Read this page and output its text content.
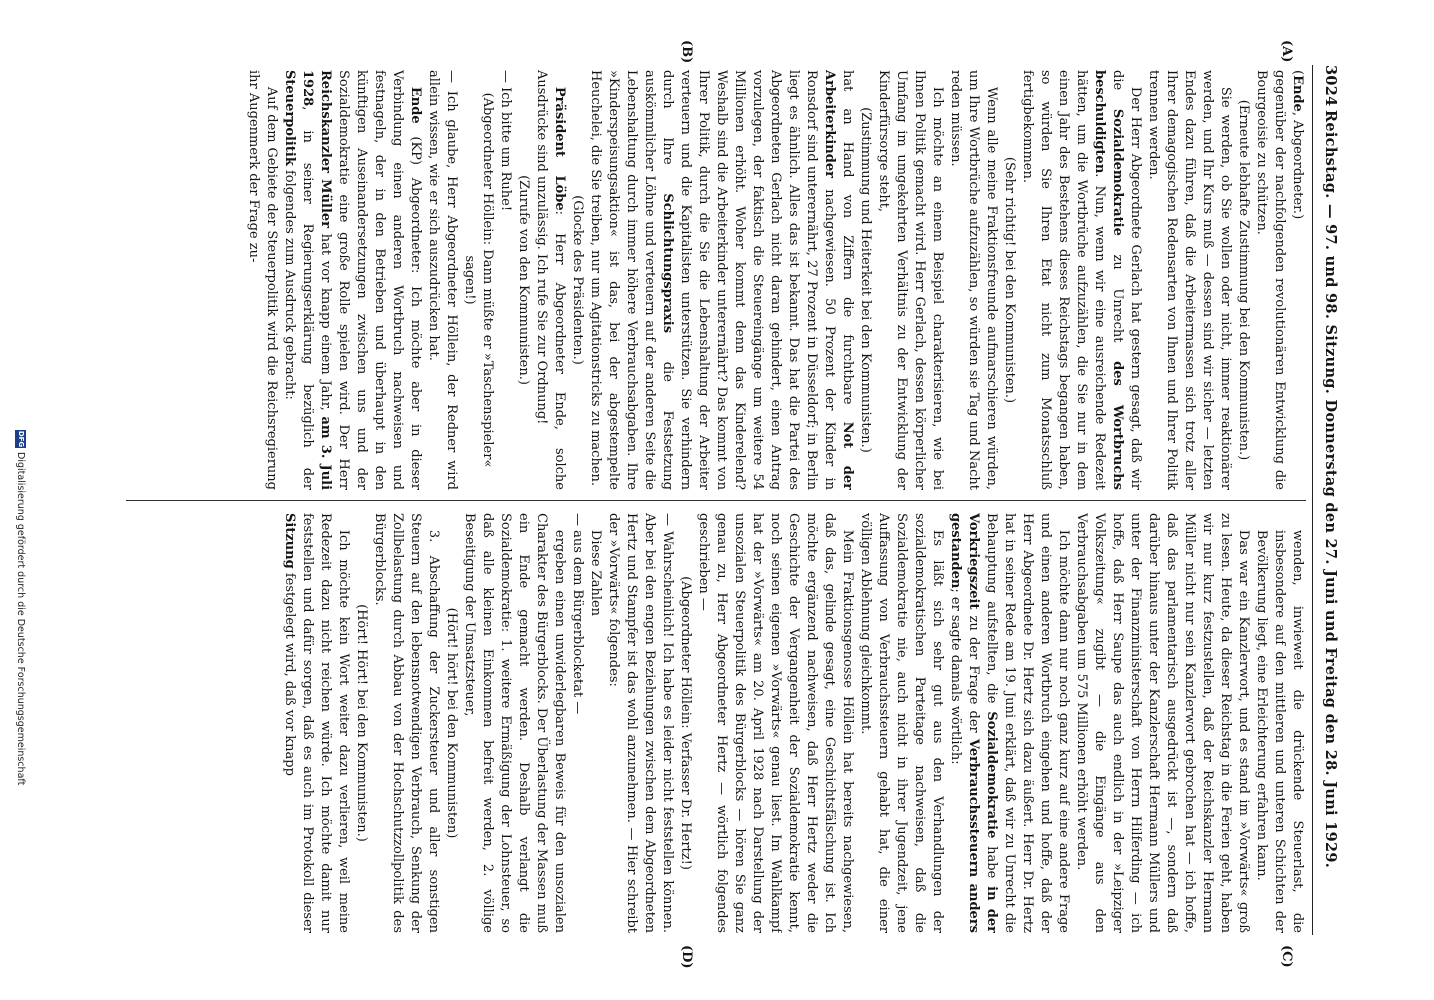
3024
Reichstag. — 97. und 98. Sitzung. Donnerstag den 27. Juni und Freitag den 28. Juni 1929.
(A)
(B)
(C)
(D)

(Ende, Abgeordneter.)

gegenüber der nachfolgenden revolutionären Entwicklung die Bourgeoisie zu schützen.

(Erneute lebhafte Zustimmung bei den Kommunisten.)

Sie werden, ob Sie wollen oder nicht, immer reaktionärer werden, und Ihr Kurs muß — dessen sind wir sicher — letzten Endes dazu führen, daß die Arbeitermassen sich trotz aller Ihrer demagogischen Redensarten von Ihnen und Ihrer Politik trennen werden.

Der Herr Abgeordnete Gerlach hat gestern gesagt, daß wir die Sozialdemokratie zu Unrecht des Wortbruchs beschuldigten. Nun, wenn wir eine ausreichende Redezeit hätten, um die Wortbrüche aufzuzählen, die Sie nur in dem einen Jahr des Bestehens dieses Reichstags begangen haben, so würden Sie Ihren Etat nicht zum Monatsschluß fertigbekommen.

(Sehr richtig! bei den Kommunisten.)

Wenn alle meine Fraktionsfreunde aufmarschieren würden, um Ihre Wortbrüche aufzuzählen, so würden sie Tag und Nacht reden müssen.

Ich möchte an einem Beispiel charakterisieren, wie bei Ihnen Politik gemacht wird. Herr Gerlach, dessen körperlicher Umfang im umgekehrten Verhältnis zu der Entwicklung der Kinderfürsorge steht,

(Zustimmung und Heiterkeit bei den Kommunisten.)

hat an Hand von Ziffern die furchtbare Not der Arbeiterkinder nachgewiesen. 50 Prozent der Kinder in Ronsdorf sind unterernährt, 27 Prozent in Düsseldorf; in Berlin liegt es ähnlich. Alles das ist bekannt. Das hat die Partei des Abgeordneten Gerlach nicht daran gehindert, einen Antrag vorzulegen, der faktisch die Steuereingänge um weitere 54 Millionen erhöht. Woher kommt denn das Kinderelend? Weshalb sind die Arbeiterkinder unterernährt? Das kommt von Ihrer Politik, durch die Sie die Lebenshaltung der Arbeiter verteuern und die Kapitalisten unterstützen. Sie verhindern durch Ihre Schlichtungspraxis die Festsetzung auskömmlicher Löhne und verteuern auf der anderen Seite die Lebenshaltung durch immer höhere Verbrauchsabgaben. Ihre »Kinderspeisungsaktion« ist das, bei der abgestempelte Heuchelei, die Sie treiben, nur um Agitationstricks zu machen.

(Glocke des Präsidenten.)

Präsident Löbe: Herr Abgeordneter Ende, solche Ausdrücke sind unzulässig. Ich rufe Sie zur Ordnung!

(Zurufe von den Kommunisten.)

— Ich bitte um Ruhe!

(Abgeordneter Höllein: Dann müßte er »Taschenspieler« sagen!)

— Ich glaube, Herr Abgeordneter Höllein, der Redner wird allein wissen, wie er sich auszudrücken hat.

Ende (KP) Abgeordneter: Ich möchte aber in dieser Verbindung einen anderen Wortbruch nachweisen und festnageln, der in den Betrieben und überhaupt in den künftigen Auseinandersetzungen zwischen uns und der Sozialdemokratie eine große Rolle spielen wird. Der Herr Reichskanzler Müller hat vor knapp einem Jahr, am 3. Juli 1928, in seiner Regierungserklärung bezüglich der Steuerpolitik folgendes zum Ausdruck gebracht:

Auf dem Gebiete der Steuerpolitik wird die Reichsregierung ihr Augenmerk der Frage zu-

wenden, inwieweit die drückende Steuerlast, die insbesondere auf den mittleren und unteren Schichten der Bevölkerung liegt, eine Erleichterung erfahren kann.

Das war ein Kanzlerwort, und es stand im »Vorwärts« groß zu lesen. Heute, da dieser Reichstag in die Ferien geht, haben wir nur kurz festzustellen, daß der Reichskanzler Hermann Müller nicht nur sein Kanzlerwort gebrochen hat — ich hoffe, daß das parlamentarisch ausgedrückt ist —, sondern daß darüber hinaus unter der Kanzlerschaft Hermann Müllers und unter der Finanzministerschaft von Herrn Hilferding — ich hoffe, daß Herr Saupe das auch endlich in der »Leipziger Volkszeitung« zugibt — die Eingänge aus den Verbrauchsabgaben um 575 Millionen erhöht werden.

Ich möchte dann nur noch ganz kurz auf eine andere Frage und einen anderen Wortbruch eingehen und hoffe, daß der Herr Abgeordnete Dr. Hertz sich dazu äußert. Herr Dr. Hertz hat in seiner Rede am 19. Juni erklärt, daß wir zu Unrecht die Behauptung aufstellten, die Sozialdemokratie habe in der Vorkriegszeit zu der Frage der Verbrauchssteuern anders gestanden; er sagte damals wörtlich:

Es läßt sich sehr gut aus den Verhandlungen der sozialdemokratischen Parteitage nachweisen, daß die Sozialdemokratie nie, auch nicht in ihrer Jugendzeit, jene Auffassung von Verbrauchssteuern gehabt hat, die einer völligen Ablehnung gleichkommt.

Mein Fraktionsgenosse Höllein hat bereits nachgewiesen, daß das, gelinde gesagt, eine Geschichtsfälschung ist. Ich möchte ergänzend nachweisen, daß Herr Hertz weder die Geschichte der Vergangenheit der Sozialdemokratie kennt, noch seinen eigenen »Vorwärts« genau liest. Im Wahlkampf hat der »Vorwärts« am 20. April 1928 nach Darstellung der unsozialen Steuerpolitik des Bürgerblocks — hören Sie ganz genau zu, Herr Abgeordneter Hertz — wörtlich folgendes geschrieben —

(Abgeordneter Höllein: Verfasser Dr. Hertz!)

— Wahrscheinlich! Ich habe es leider nicht feststellen können. Aber bei den engen Beziehungen zwischen dem Abgeordneten Hertz und Stampfer ist das wohl anzunehmen. — Hier schreibt der »Vorwärts« folgendes:

Diese Zahlen

— aus dem Bürgerblocketat —

ergeben einen unwiderlegbaren Beweis für den unsozialen Charakter des Bürgerblocks. Der Überlastung der Massen muß ein Ende gemacht werden. Deshalb verlangt die Sozialdemokratie: 1. weitere Ermäßigung der Lohnsteuer, so daß alle kleinen Einkommen befreit werden, 2. völlige Beseitigung der Umsatzsteuer,

(Hört! hört! bei den Kommunisten)

3. Abschaffung der Zuckersteuer und aller sonstigen Steuern auf den lebensnotwendigen Verbrauch, Senkung der Zollbelastung durch Abbau von der Hochschutzzollpolitik des Bürgerblocks.

(Hört! Hört! bei den Kommunisten.)

Ich möchte kein Wort weiter dazu verlieren, weil meine Redezeit dazu nicht reichen würde. Ich möchte damit nur feststellen und dafür sorgen, daß es auch im Protokoll dieser Sitzung festgelegt wird, daß vor knapp

DFG
Digitalisierung gefördert durch die Deutsche Forschungsgemeinschaft
